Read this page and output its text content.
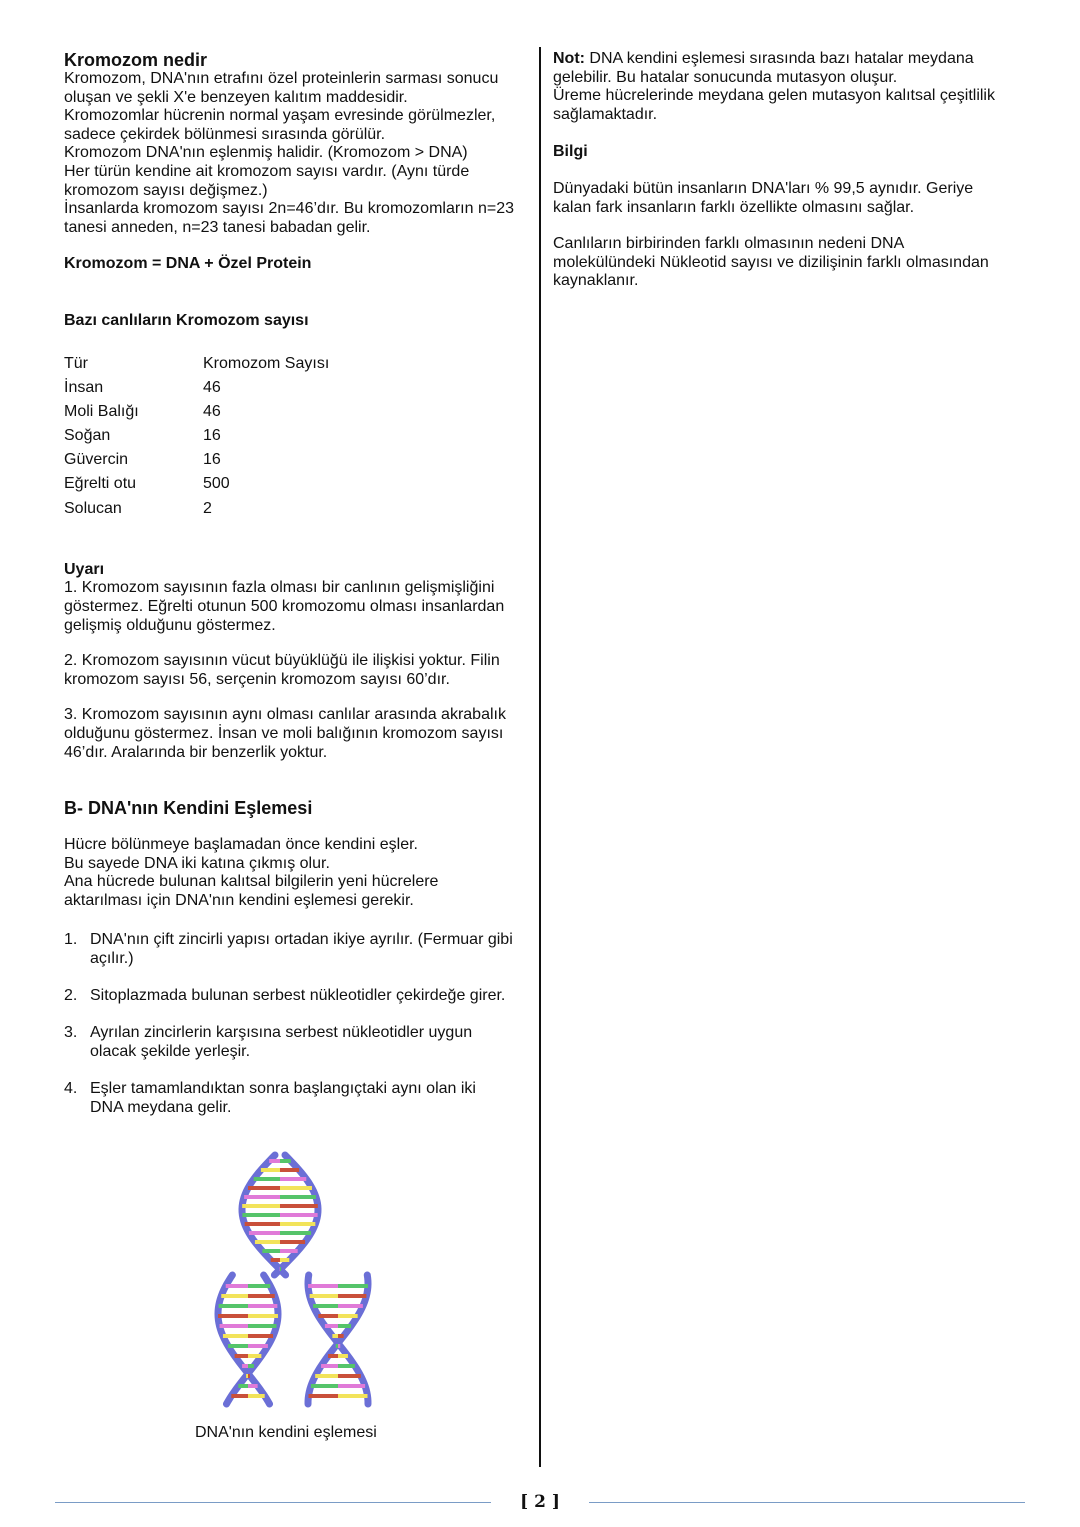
Kromozom nedir

Kromozom, DNA'nın etrafını özel proteinlerin sarması sonucu

oluşan ve şekli X'e benzeyen kalıtım maddesidir.

Kromozomlar hücrenin normal yaşam evresinde görülmezler,

sadece çekirdek bölünmesi sırasında görülür.

Kromozom DNA'nın eşlenmiş halidir. (Kromozom > DNA)

Her türün kendine ait kromozom sayısı vardır. (Aynı türde

kromozom sayısı değişmez.)

İnsanlarda kromozom sayısı 2n=46’dır. Bu kromozomların n=23

tanesi anneden, n=23 tanesi babadan gelir.

Kromozom = DNA + Özel Protein

Bazı canlıların Kromozom sayısı

Tür	Kromozom Sayısı
İnsan	46
Moli Balığı	46
Soğan	16
Güvercin	16
Eğrelti otu	500
Solucan	2

Uyarı

1. Kromozom sayısının fazla olması bir canlının gelişmişliğini

göstermez. Eğrelti otunun 500 kromozomu olması insanlardan

gelişmiş olduğunu göstermez.

2. Kromozom sayısının vücut büyüklüğü ile ilişkisi yoktur. Filin

kromozom sayısı 56, serçenin kromozom sayısı 60’dır.

3. Kromozom sayısının aynı olması canlılar arasında akrabalık

olduğunu göstermez. İnsan ve moli balığının kromozom sayısı

46’dır. Aralarında bir benzerlik yoktur.

B- DNA'nın Kendini Eşlemesi

Hücre bölünmeye başlamadan önce kendini eşler.

Bu sayede DNA iki katına çıkmış olur.

Ana hücrede bulunan kalıtsal bilgilerin yeni hücrelere

aktarılması için DNA'nın kendini eşlemesi gerekir.

1. DNA'nın çift zincirli yapısı ortadan ikiye ayrılır. (Fermuar gibi

açılır.)

2. Sitoplazmada bulunan serbest nükleotidler çekirdeğe girer.

3. Ayrılan zincirlerin karşısına serbest nükleotidler uygun

olacak şekilde yerleşir.

4. Eşler tamamlandıktan sonra başlangıçtaki aynı olan iki

DNA meydana gelir.

DNA'nın kendini eşlemesi

Not: DNA kendini eşlemesi sırasında bazı hatalar meydana

gelebilir. Bu hatalar sonucunda mutasyon oluşur.

Üreme hücrelerinde meydana gelen mutasyon kalıtsal çeşitlilik

sağlamaktadır.

Bilgi

Dünyadaki bütün insanların DNA'ları % 99,5 aynıdır. Geriye

kalan fark insanların farklı özellikte olmasını sağlar.

Canlıların birbirinden farklı olmasının nedeni DNA

molekülündeki Nükleotid sayısı ve dizilişinin farklı olmasından

kaynaklanır.

[ 2 ]
